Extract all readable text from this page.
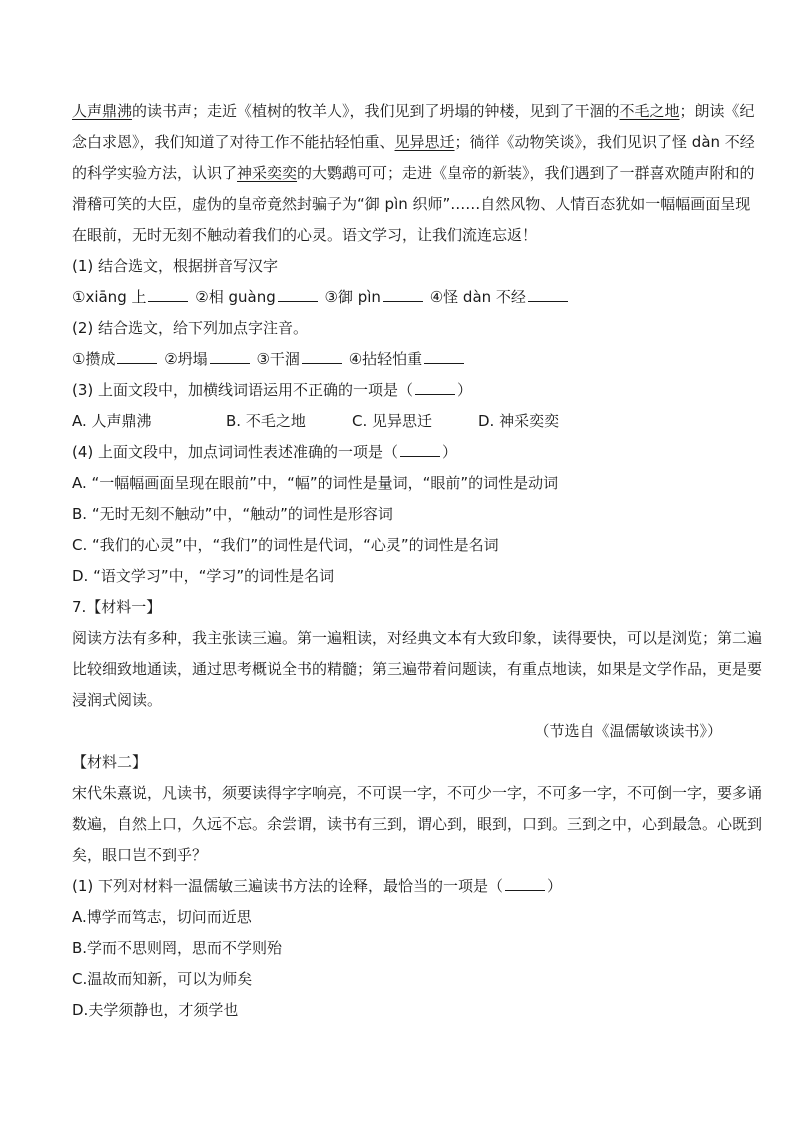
人声鼎沸的读书声；走近《植树的牧羊人》，我们见到了坍塌的钟楼，见到了干涸的不毛之地；朗读《纪
念白求恩》，我们知道了对待工作不能拈轻怕重、见异思迁；徜徉《动物笑谈》，我们见识了怪 dàn 不经
的科学实验方法，认识了神采奕奕的大鹦鹉可可；走进《皇帝的新装》，我们遇到了一群喜欢随声附和的
滑稽可笑的大臣，虚伪的皇帝竟然封骗子为“御 pìn 织师”……自然风物、人情百态犹如一幅幅画面呈现
在眼前，无时无刻不触动着我们的心灵。语文学习，让我们流连忘返！
(1) 结合选文，根据拼音写汉字
①xiāng 上	②相 guàng	③御 pìn	④怪 dàn 不经
(2) 结合选文，给下列加点字注音。
①攒成	②坍塌	③干涸	④拈轻怕重
(3) 上面文段中，加横线词语运用不正确的一项是（	）
A. 人声鼎沸	B. 不毛之地	C. 见异思迁	D. 神采奕奕
(4) 上面文段中，加点词词性表述准确的一项是（	）
A. “一幅幅画面呈现在眼前”中，“幅”的词性是量词，“眼前”的词性是动词
B. “无时无刻不触动”中，“触动”的词性是形容词
C. “我们的心灵”中，“我们”的词性是代词，“心灵”的词性是名词
D. “语文学习”中，“学习”的词性是名词
7.【材料一】
阅读方法有多种，我主张读三遍。第一遍粗读，对经典文本有大致印象，读得要快，可以是浏览；第二遍
比较细致地通读，通过思考概说全书的精髓；第三遍带着问题读，有重点地读，如果是文学作品，更是要
浸润式阅读。
（节选自《温儒敏谈读书》）
【材料二】
宋代朱熹说，凡读书，须要读得字字响亮，不可误一字，不可少一字，不可多一字，不可倒一字，要多诵
数遍，自然上口，久远不忘。余尝谓，读书有三到，谓心到，眼到，口到。三到之中，心到最急。心既到
矣，眼口岂不到乎？
(1) 下列对材料一温儒敏三遍读书方法的诠释，最恰当的一项是（	）
A.博学而笃志，切问而近思
B.学而不思则罔，思而不学则殆
C.温故而知新，可以为师矣
D.夫学须静也，才须学也
